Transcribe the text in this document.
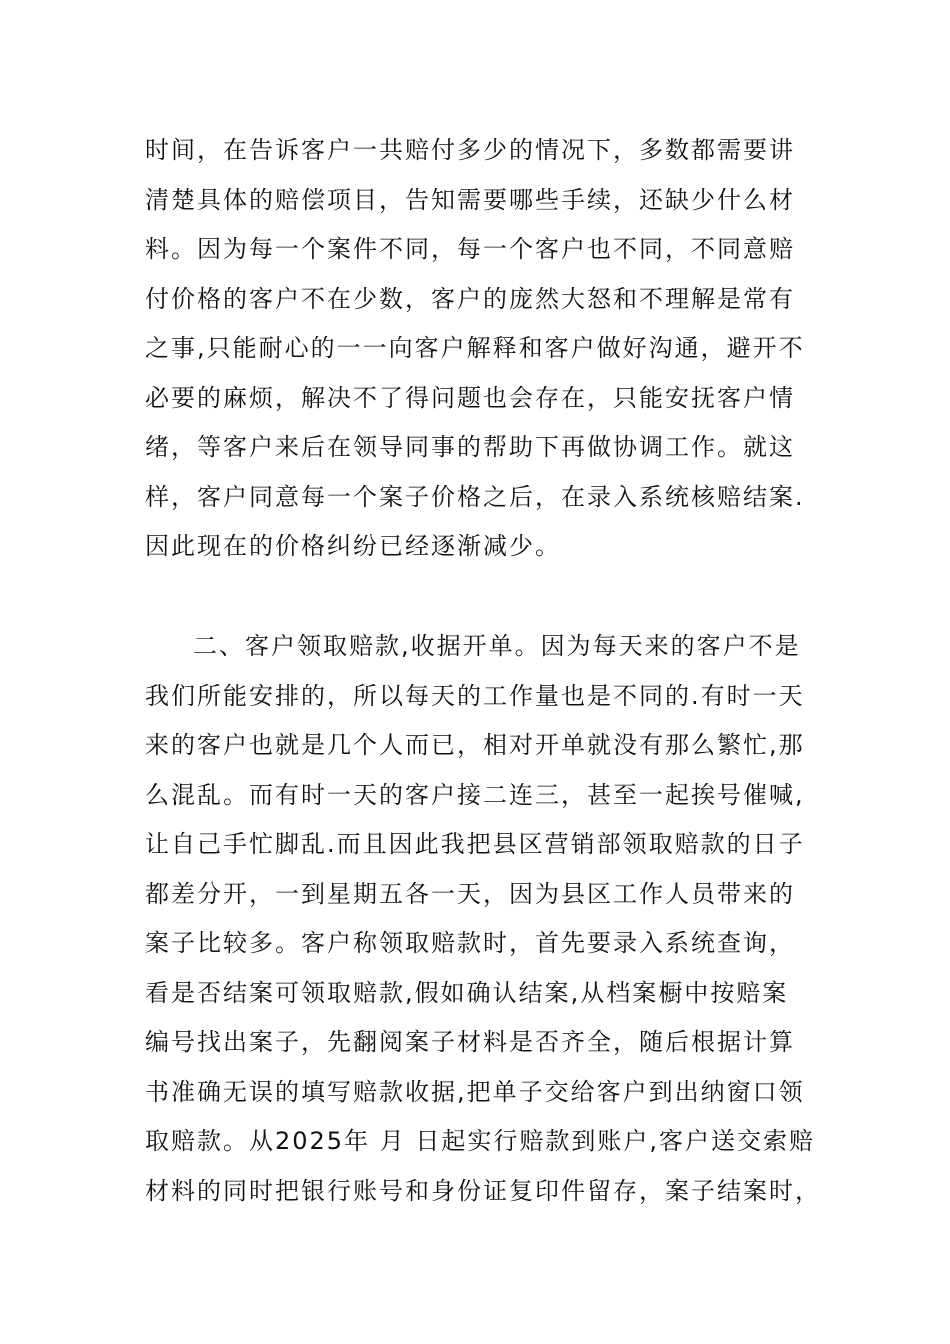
时间，在告诉客户一共赔付多少的情况下，多数都需要讲
清楚具体的赔偿项目，告知需要哪些手续，还缺少什么材
料。因为每一个案件不同，每一个客户也不同，不同意赔
付价格的客户不在少数，客户的庞然大怒和不理解是常有
之事,只能耐心的一一向客户解释和客户做好沟通，避开不
必要的麻烦，解决不了得问题也会存在，只能安抚客户情
绪，等客户来后在领导同事的帮助下再做协调工作。就这
样，客户同意每一个案子价格之后，在录入系统核赔结案.
因此现在的价格纠纷已经逐渐减少。
二、客户领取赔款,收据开单。因为每天来的客户不是
我们所能安排的，所以每天的工作量也是不同的.有时一天
来的客户也就是几个人而已，相对开单就没有那么繁忙,那
么混乱。而有时一天的客户接二连三，甚至一起挨号催喊,
让自己手忙脚乱.而且因此我把县区营销部领取赔款的日子
都差分开，一到星期五各一天，因为县区工作人员带来的
案子比较多。客户称领取赔款时，首先要录入系统查询，
看是否结案可领取赔款,假如确认结案,从档案橱中按赔案
编号找出案子，先翻阅案子材料是否齐全，随后根据计算
书准确无误的填写赔款收据,把单子交给客户到出纳窗口领
取赔款。从2025年 月 日起实行赔款到账户,客户送交索赔
材料的同时把银行账号和身份证复印件留存，案子结案时，
